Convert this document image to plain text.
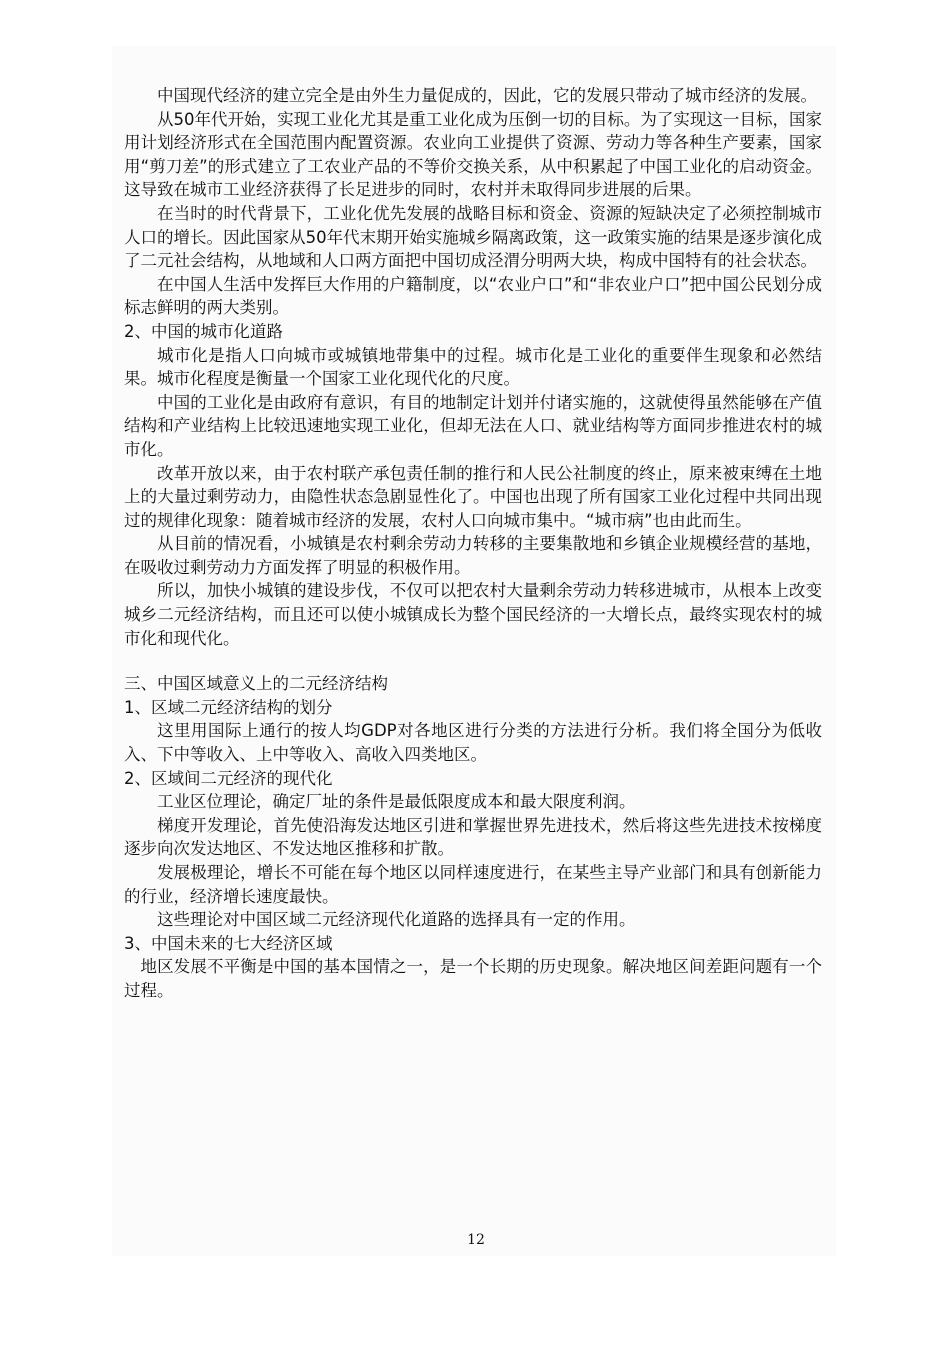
中国现代经济的建立完全是由外生力量促成的，因此，它的发展只带动了城市经济的发展。

从50年代开始，实现工业化尤其是重工业化成为压倒一切的目标。为了实现这一目标，国家用计划经济形式在全国范围内配置资源。农业向工业提供了资源、劳动力等各种生产要素，国家用“剪刀差”的形式建立了工农业产品的不等价交换关系，从中积累起了中国工业化的启动资金。这导致在城市工业经济获得了长足进步的同时，农村并未取得同步进展的后果。

在当时的时代背景下，工业化优先发展的战略目标和资金、资源的短缺决定了必须控制城市人口的增长。因此国家从50年代末期开始实施城乡隔离政策，这一政策实施的结果是逐步演化成了二元社会结构，从地域和人口两方面把中国切成泾渭分明两大块，构成中国特有的社会状态。

在中国人生活中发挥巨大作用的户籍制度，以“农业户口”和“非农业户口”把中国公民划分成标志鲜明的两大类别。

2、中国的城市化道路

城市化是指人口向城市或城镇地带集中的过程。城市化是工业化的重要伴生现象和必然结果。城市化程度是衡量一个国家工业化现代化的尺度。

中国的工业化是由政府有意识，有目的地制定计划并付诸实施的，这就使得虽然能够在产值结构和产业结构上比较迅速地实现工业化，但却无法在人口、就业结构等方面同步推进农村的城市化。

改革开放以来，由于农村联产承包责任制的推行和人民公社制度的终止，原来被束缚在土地上的大量过剩劳动力，由隐性状态急剧显性化了。中国也出现了所有国家工业化过程中共同出现过的规律化现象：随着城市经济的发展，农村人口向城市集中。“城市病”也由此而生。

从目前的情况看，小城镇是农村剩余劳动力转移的主要集散地和乡镇企业规模经营的基地，在吸收过剩劳动力方面发挥了明显的积极作用。

所以，加快小城镇的建设步伐，不仅可以把农村大量剩余劳动力转移进城市，从根本上改变城乡二元经济结构，而且还可以使小城镇成长为整个国民经济的一大增长点，最终实现农村的城市化和现代化。

三、中国区域意义上的二元经济结构

1、区域二元经济结构的划分

这里用国际上通行的按人均GDP对各地区进行分类的方法进行分析。我们将全国分为低收入、下中等收入、上中等收入、高收入四类地区。

2、区域间二元经济的现代化

工业区位理论，确定厂址的条件是最低限度成本和最大限度利润。

梯度开发理论，首先使沿海发达地区引进和掌握世界先进技术，然后将这些先进技术按梯度逐步向次发达地区、不发达地区推移和扩散。

发展极理论，增长不可能在每个地区以同样速度进行，在某些主导产业部门和具有创新能力的行业，经济增长速度最快。

这些理论对中国区域二元经济现代化道路的选择具有一定的作用。

3、中国未来的七大经济区域

地区发展不平衡是中国的基本国情之一，是一个长期的历史现象。解决地区间差距问题有一个过程。

12
